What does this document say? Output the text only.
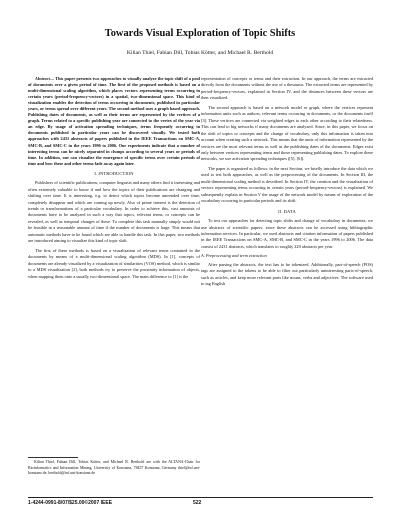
Towards Visual Exploration of Topic Shifts
Kilian Thiel, Fabian Dill, Tobias Kötter, and Michael R. Berthold

Abstract— This paper presents two approaches to visually analyze the topic shift of a pool of documents over a given period of time. The first of the proposed methods is based on a multi-dimensional scaling algorithm, which places vectors representing terms occurring in certain years (period-frequency-vectors) in a spatial, two-dimensional space. This kind of visualization enables the detection of terms occurring in documents, published in particular years, or terms spread over different years. The second method uses a graph based approach. Publishing dates of documents, as well as their terms are represented by the vertices of a graph. Terms related to a specific publishing year are connected to the vertex of the year via an edge. By usage of activation spreading techniques, terms frequently occurring in documents published in particular years can be discovered visually. We tested both approaches with 2431 abstracts of papers published in the IEEE Transactions on SMC-A, SMC-B, and SMC-C in the years 1996 to 2006. Our experiments indicate that a number of interesting terms can be nicely separated in clumps according to several years or periods of time. In addition, one can visualize the emergence of specific terms over certain periods of time and how these and other terms fade away again later.

I. INTRODUCTION

Publishers of scientific publications, computer linguists and many others find it interesting and often extremely valuable to know if and how the topics of their publications are changing and shifting over time. It is interesting, e.g. to detect which topics become untrended over time, completely disappear and which are coming up newly. Also of prime interest is the detection of trends or transformations of a particular vocabulary. In order to achieve this, vast amounts of documents have to be analyzed in such a way that topics, relevant terms, or concepts can be revealed, as well as temporal changes of these. To complete this task manually simply would not be feasible in a reasonable amount of time if the number of documents is large. This means that automatic methods have to be found which are able to handle this task. In this paper, two methods are introduced aiming to visualize this kind of topic shift.

The first of these methods is based on a visualization of relevant terms contained in the documents by means of a multi-dimensional scaling algorithm (MDS). In [1], concepts of documents are already visualized by a visualization of similarities (VOS) method, which is similar to a MDS visualization [2], both methods try to preserve the proximity information of objects, when mapping them onto a usually two-dimensional space. The main difference to [1] is the

Kilian Thiel, Fabian Dill, Tobias Kötter, and Michael R. Berthold are with the ALTANA-Chair for Bioinformatics and Information Mining, University of Konstanz, 78457 Konstanz, Germany thiel@inf.uni-konstanz.de, berthold@inf.uni-konstanz.de

representation of concepts or terms and their extraction. In our approach, the terms are extracted directly from the documents without the use of a thesaurus. The extracted terms are represented by period-frequency-vectors, explained in Section IV, and the distances between these vectors are then visualized.

The second approach is based on a network model or graph, where the vertices represent information units such as authors, relevant terms occurring in documents, or the documents itself [3]. These vertices are connected via weighted edges to each other according to their relatedness. This can lead to big networks if many documents are analyzed. Since, in this paper, we focus on the shift of topics or concepts and the change of vocabulary, only this information is taken into account when creating such a network. This means that the units of information represented by the vertices are the most relevant terms as well as the publishing dates of the documents. Edges exist only between vertices representing terms and those representing publishing dates. To explore these networks, we use activation spreading techniques ([5], [6]).

The paper is organized as follows: in the next Section, we briefly introduce the data which we used to test both approaches, as well as the preprocessing of the documents. In Section III, the multi-dimensional scaling method is described. In Section IV, the creation and the visualization of vectors representing terms occurring in certain years (period-frequency-vectors) is explained. We subsequently explain in Section V the usage of the network model by means of exploration of the vocabulary occurring in particular periods and its shift.

II. DATA

To test our approaches for detecting topic shifts and change of vocabulary in documents, we use abstracts of scientific papers, since these abstracts can be accessed using bibliographic information services. In particular, we used abstracts and citation information of papers published in the IEEE Transactions on SMC-A, SMC-B, and SMC-C in the years 1996 to 2006. The data consist of 2431 abstracts, which translates to roughly 220 abstracts per year.

A. Preprocessing and term extraction

After parsing the abstracts, the text has to be tokenized. Additionally, part-of-speech (POS) tags are assigned to the tokens to be able to filter out particularly uninteresting parts-of-speech, such as articles, and keep more relevant parts like nouns, verbs and adjectives. The software used to tag English

1-4244-0991-8/07/$25.00©2007 IEEE	522
